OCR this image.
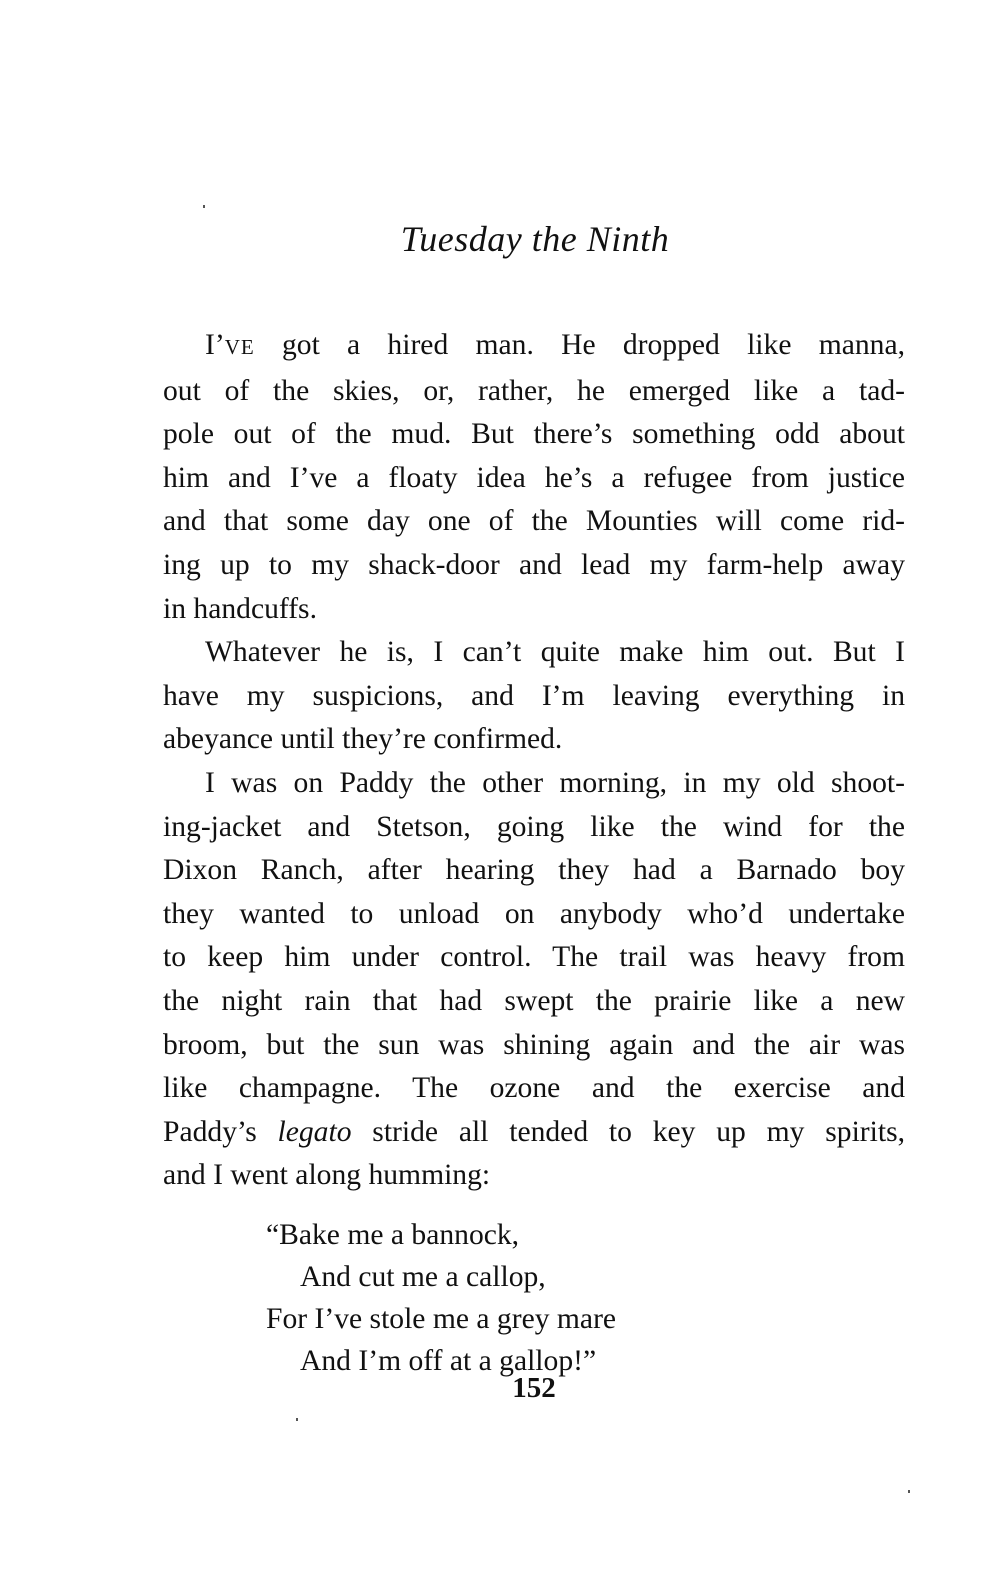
Tuesday the Ninth
I’VE got a hired man. He dropped like manna,
out of the skies, or, rather, he emerged like a tad-
pole out of the mud. But there’s something odd about
him and I’ve a floaty idea he’s a refugee from justice
and that some day one of the Mounties will come rid-
ing up to my shack-door and lead my farm-help away
in handcuffs.
Whatever he is, I can’t quite make him out. But I
have my suspicions, and I’m leaving everything in
abeyance until they’re confirmed.
I was on Paddy the other morning, in my old shoot-
ing-jacket and Stetson, going like the wind for the
Dixon Ranch, after hearing they had a Barnado boy
they wanted to unload on anybody who’d undertake
to keep him under control. The trail was heavy from
the night rain that had swept the prairie like a new
broom, but the sun was shining again and the air was
like champagne. The ozone and the exercise and
Paddy’s legato stride all tended to key up my spirits,
and I went along humming:
“Bake me a bannock,
And cut me a callop,
For I’ve stole me a grey mare
And I’m off at a gallop!”
152
